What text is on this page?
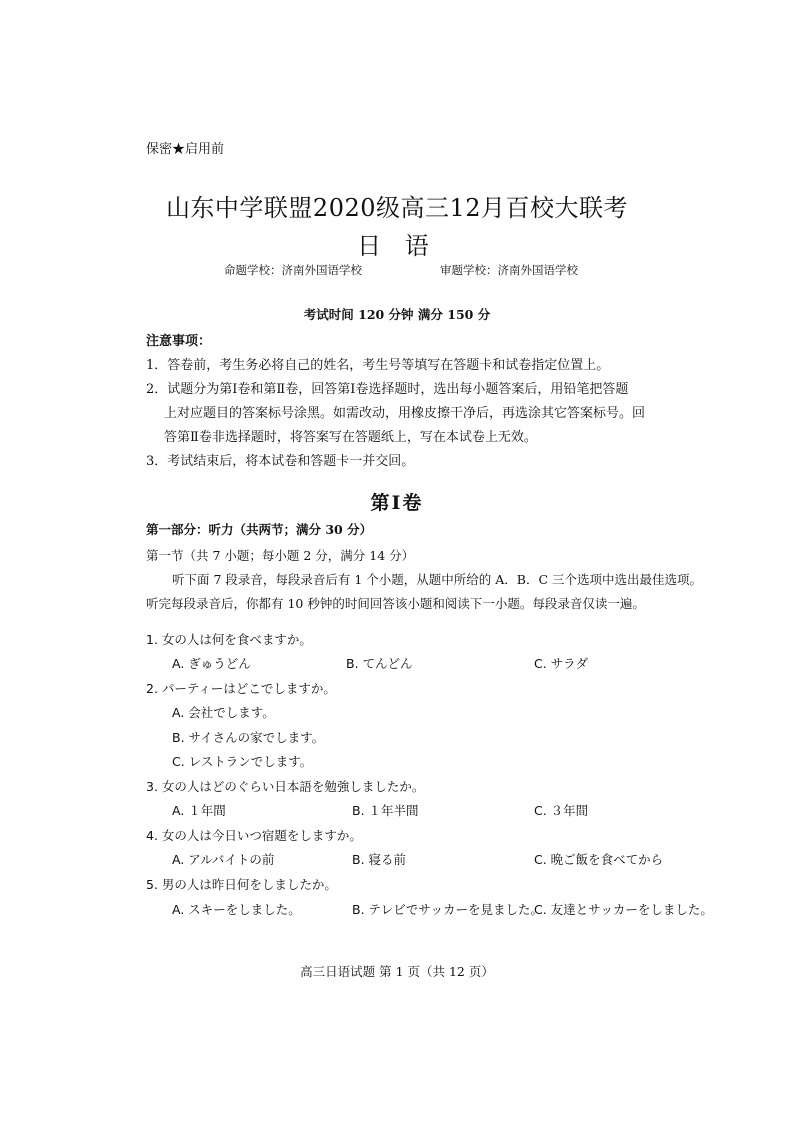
保密★启用前
山东中学联盟2020级高三12月百校大联考
日 语
命题学校：济南外国语学校	审题学校：济南外国语学校
考试时间 120 分钟 满分 150 分
注意事项：
1．答卷前，考生务必将自己的姓名，考生号等填写在答题卡和试卷指定位置上。
2．试题分为第Ⅰ卷和第Ⅱ卷，回答第Ⅰ卷选择题时，选出每小题答案后，用铅笔把答题
上对应题目的答案标号涂黑。如需改动，用橡皮擦干净后，再选涂其它答案标号。回
答第Ⅱ卷非选择题时，将答案写在答题纸上，写在本试卷上无效。
3．考试结束后，将本试卷和答题卡一并交回。
第Ⅰ卷
第一部分：听力（共两节；满分 30 分）
第一节（共 7 小题；每小题 2 分，满分 14 分）
听下面 7 段录音，每段录音后有 1 个小题，从题中所给的 A．B．C 三个选项中选出最佳选项。
听完每段录音后，你都有 10 秒钟的时间回答该小题和阅读下一小题。每段录音仅读一遍。
1. 女の人は何を食べますか。
A. ぎゅうどん	B. てんどん	C. サラダ
2. パーティーはどこでしますか。
A. 会社でします。
B. サイさんの家でします。
C. レストランでします。
3. 女の人はどのぐらい日本語を勉強しましたか。
A. １年間	B. １年半間	C. ３年間
4. 女の人は今日いつ宿題をしますか。
A. アルバイトの前	B. 寝る前	C. 晩ご飯を食べてから
5. 男の人は昨日何をしましたか。
A. スキーをしました。	B. テレビでサッカーを見ました。
C. 友達とサッカーをしました。
高三日语试题 第 1 页（共 12 页）
